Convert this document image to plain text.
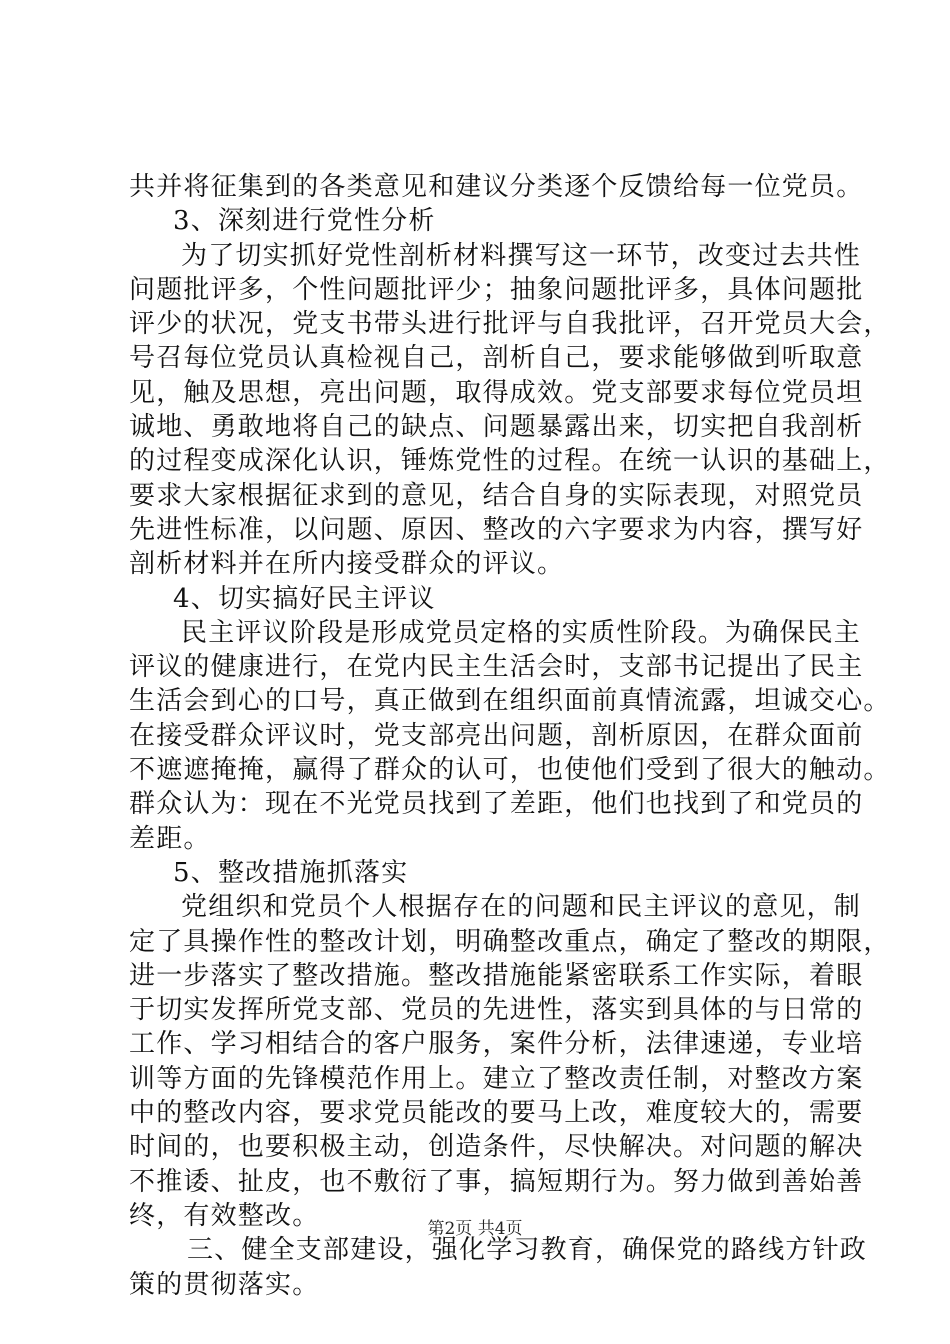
共并将征集到的各类意见和建议分类逐个反馈给每一位党员。
3、深刻进行党性分析
为了切实抓好党性剖析材料撰写这一环节，改变过去共性
问题批评多，个性问题批评少；抽象问题批评多，具体问题批
评少的状况，党支书带头进行批评与自我批评，召开党员大会，
号召每位党员认真检视自己，剖析自己，要求能够做到听取意
见，触及思想，亮出问题，取得成效。党支部要求每位党员坦
诚地、勇敢地将自己的缺点、问题暴露出来，切实把自我剖析
的过程变成深化认识，锤炼党性的过程。在统一认识的基础上，
要求大家根据征求到的意见，结合自身的实际表现，对照党员
先进性标准，以问题、原因、整改的六字要求为内容，撰写好
剖析材料并在所内接受群众的评议。
4、切实搞好民主评议
民主评议阶段是形成党员定格的实质性阶段。为确保民主
评议的健康进行，在党内民主生活会时，支部书记提出了民主
生活会到心的口号，真正做到在组织面前真情流露，坦诚交心。
在接受群众评议时，党支部亮出问题，剖析原因，在群众面前
不遮遮掩掩，赢得了群众的认可，也使他们受到了很大的触动。
群众认为：现在不光党员找到了差距，他们也找到了和党员的
差距。
5、整改措施抓落实
党组织和党员个人根据存在的问题和民主评议的意见，制
定了具操作性的整改计划，明确整改重点，确定了整改的期限，
进一步落实了整改措施。整改措施能紧密联系工作实际，着眼
于切实发挥所党支部、党员的先进性，落实到具体的与日常的
工作、学习相结合的客户服务，案件分析，法律速递，专业培
训等方面的先锋模范作用上。建立了整改责任制，对整改方案
中的整改内容，要求党员能改的要马上改，难度较大的，需要
时间的，也要积极主动，创造条件，尽快解决。对问题的解决
不推诿、扯皮，也不敷衍了事，搞短期行为。努力做到善始善
终，有效整改。
三、健全支部建设，强化学习教育，确保党的路线方针政
策的贯彻落实。
第2页 共4页
